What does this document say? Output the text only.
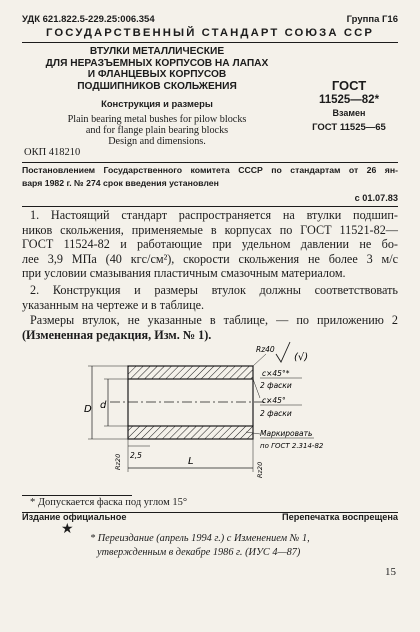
УДК 621.822.5-229.25:006.354	Группа Г16
ГОСУДАРСТВЕННЫЙ СТАНДАРТ СОЮЗА ССР
ВТУЛКИ МЕТАЛЛИЧЕСКИЕ
ДЛЯ НЕРАЗЪЕМНЫХ КОРПУСОВ НА ЛАПАХ
И ФЛАНЦЕВЫХ КОРПУСОВ
ПОДШИПНИКОВ СКОЛЬЖЕНИЯ
Конструкция и размеры
Plain bearing metal bushes for pilow blocks
and for flange plain bearing blocks
Design and dimensions.
ГОСТ
11525—82*
Взамен
ГОСТ 11525—65
ОКП 418210
Постановлением Государственного комитета СССР по стандартам от 26 ян-
варя 1982 г. № 274 срок введения установлен
с 01.07.83
1. Настоящий стандарт распространяется на втулки подшип-
ников скольжения, применяемые в корпусах по ГОСТ 11521-82—
ГОСТ 11524-82 и работающие при удельном давлении не бо-
лее 3,9 МПа (40 кгс/см²), скорости скольжения не более 3 м/с
при условии смазывания пластичным смазочным материалом.
2. Конструкция и размеры втулок должны соответствовать
указанным на чертеже и в таблице.
Размеры втулок, не указанные в таблице, — по приложению 2
(Измененная редакция, Изм. № 1).
D d
L
2,5
Rz20	Rz20
Rz40
(√)
c×45°*
2 фаски
c×45°
2 фаски
Маркировать
по ГОСТ 2.314-82
* Допускается фаска под углом 15°
Издание официальное	Перепечатка воспрещена
★
* Переиздание (апрель 1994 г.) с Изменением № 1,
утвержденным в декабре 1986 г. (ИУС 4—87)
15
